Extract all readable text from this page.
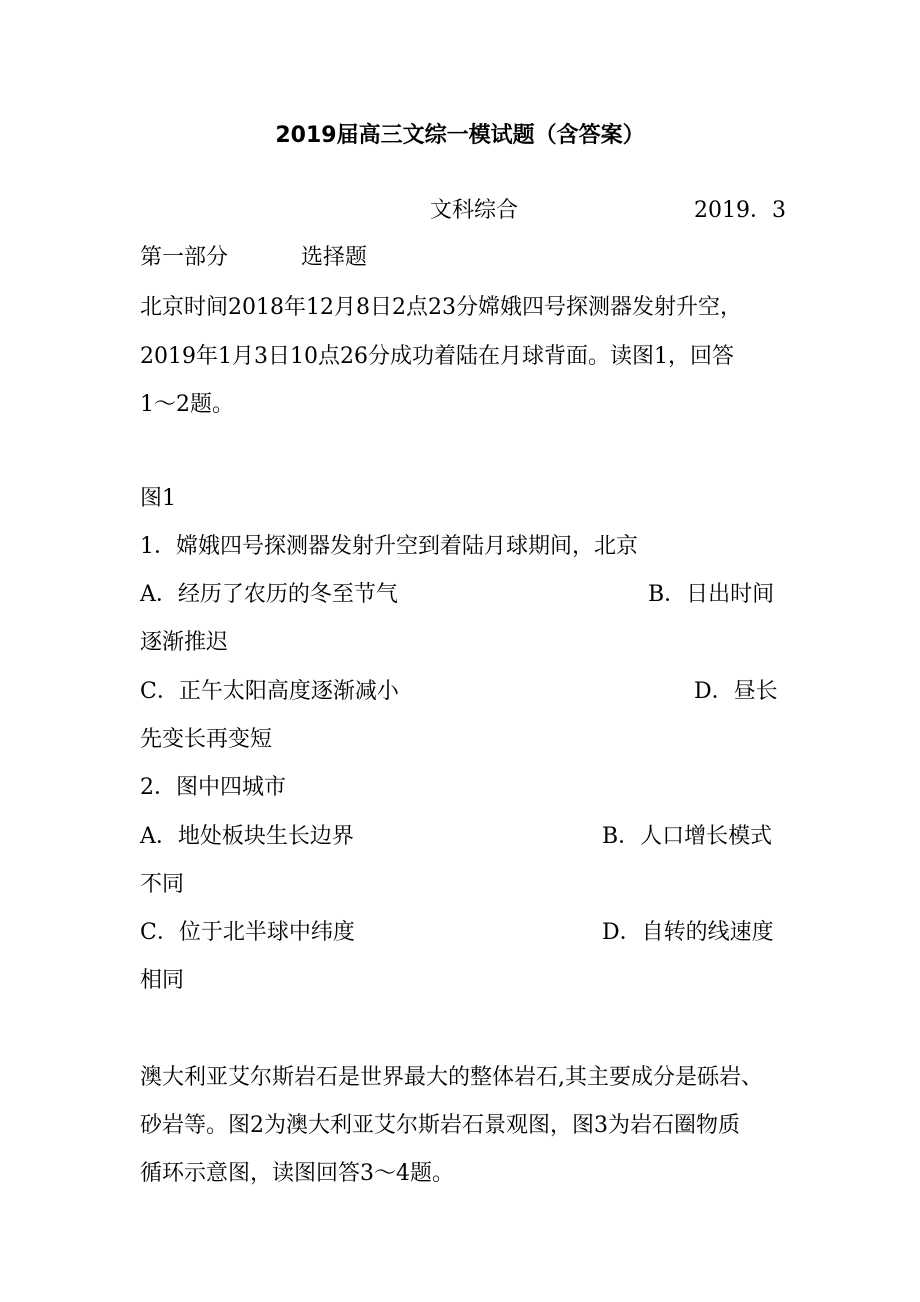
2019届高三文综一模试题（含答案）
文科综合	2019．3
第一部分	选择题
北京时间2018年12月8日2点23分嫦娥四号探测器发射升空，
2019年1月3日10点26分成功着陆在月球背面。读图1，回答
1～2题。
图1
1．嫦娥四号探测器发射升空到着陆月球期间，北京
A．经历了农历的冬至节气	B．日出时间
逐渐推迟
C．正午太阳高度逐渐减小	D．昼长
先变长再变短
2．图中四城市
A．地处板块生长边界	B．人口增长模式
不同
C．位于北半球中纬度	D．自转的线速度
相同
澳大利亚艾尔斯岩石是世界最大的整体岩石,其主要成分是砾岩、
砂岩等。图2为澳大利亚艾尔斯岩石景观图，图3为岩石圈物质
循环示意图，读图回答3～4题。
